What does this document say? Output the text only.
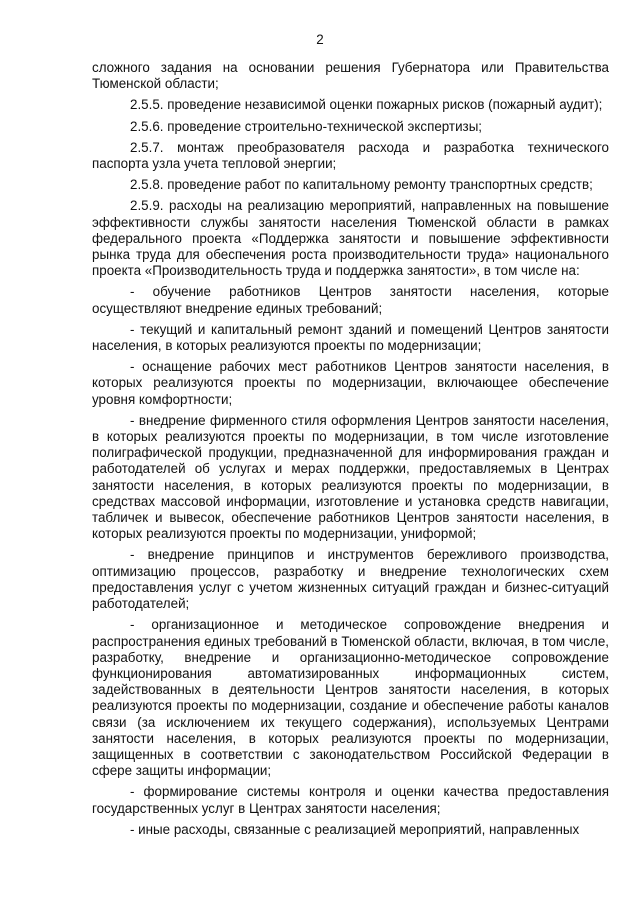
2

сложного задания на основании решения Губернатора или Правительства Тюменской области;

2.5.5. проведение независимой оценки пожарных рисков (пожарный аудит);

2.5.6. проведение строительно-технической экспертизы;

2.5.7. монтаж преобразователя расхода и разработка технического паспорта узла учета тепловой энергии;

2.5.8. проведение работ по капитальному ремонту транспортных средств;

2.5.9. расходы на реализацию мероприятий, направленных на повышение эффективности службы занятости населения Тюменской области в рамках федерального проекта «Поддержка занятости и повышение эффективности рынка труда для обеспечения роста производительности труда» национального проекта «Производительность труда и поддержка занятости», в том числе на:

- обучение работников Центров занятости населения, которые осуществляют внедрение единых требований;

- текущий и капитальный ремонт зданий и помещений Центров занятости населения, в которых реализуются проекты по модернизации;

- оснащение рабочих мест работников Центров занятости населения, в которых реализуются проекты по модернизации, включающее обеспечение уровня комфортности;

- внедрение фирменного стиля оформления Центров занятости населения, в которых реализуются проекты по модернизации, в том числе изготовление полиграфической продукции, предназначенной для информирования граждан и работодателей об услугах и мерах поддержки, предоставляемых в Центрах занятости населения, в которых реализуются проекты по модернизации, в средствах массовой информации, изготовление и установка средств навигации, табличек и вывесок, обеспечение работников Центров занятости населения, в которых реализуются проекты по модернизации, униформой;

- внедрение принципов и инструментов бережливого производства, оптимизацию процессов, разработку и внедрение технологических схем предоставления услуг с учетом жизненных ситуаций граждан и бизнес-ситуаций работодателей;

- организационное и методическое сопровождение внедрения и распространения единых требований в Тюменской области, включая, в том числе, разработку, внедрение и организационно-методическое сопровождение функционирования автоматизированных информационных систем, задействованных в деятельности Центров занятости населения, в которых реализуются проекты по модернизации, создание и обеспечение работы каналов связи (за исключением их текущего содержания), используемых Центрами занятости населения, в которых реализуются проекты по модернизации, защищенных в соответствии с законодательством Российской Федерации в сфере защиты информации;

- формирование системы контроля и оценки качества предоставления государственных услуг в Центрах занятости населения;

- иные расходы, связанные с реализацией мероприятий, направленных
